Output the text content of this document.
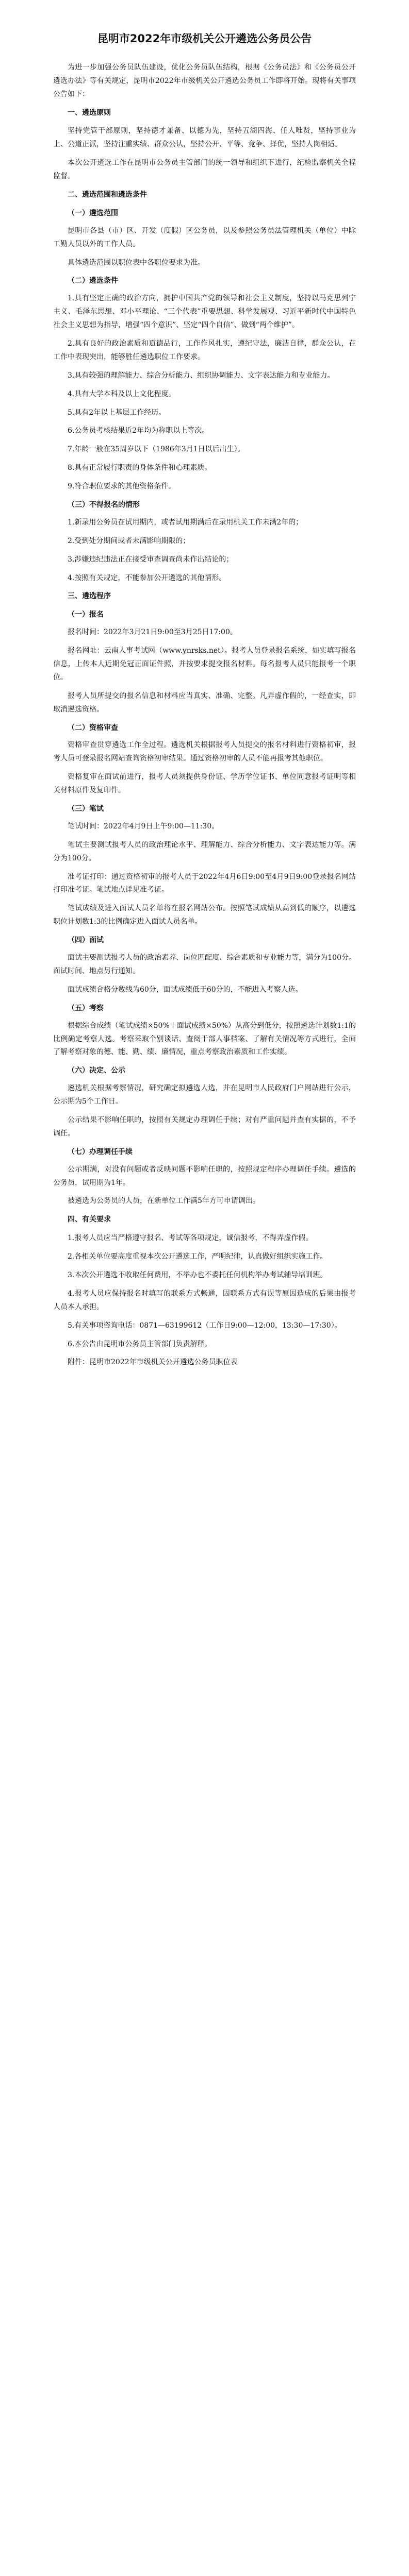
昆明市2022年市级机关公开遴选公务员公告
为进一步加强公务员队伍建设，优化公务员队伍结构，根据《公务员法》和《公务员公开遴选办法》等有关规定，昆明市2022年市级机关公开遴选公务员工作即将开始。现将有关事项公告如下：
一、遴选原则
坚持党管干部原则，坚持德才兼备、以德为先，坚持五湖四海、任人唯贤，坚持事业为上、公道正派，坚持注重实绩、群众公认，坚持公开、平等、竞争、择优，坚持人岗相适。
本次公开遴选工作在昆明市公务员主管部门的统一领导和组织下进行，纪检监察机关全程监督。
二、遴选范围和遴选条件
（一）遴选范围
昆明市各县（市）区、开发（度假）区公务员，以及参照公务员法管理机关（单位）中除工勤人员以外的工作人员。
具体遴选范围以职位表中各职位要求为准。
（二）遴选条件
1.具有坚定正确的政治方向，拥护中国共产党的领导和社会主义制度，坚持以马克思列宁主义、毛泽东思想、邓小平理论、“三个代表”重要思想、科学发展观、习近平新时代中国特色社会主义思想为指导，增强“四个意识”、坚定“四个自信”、做到“两个维护”。
2.具有良好的政治素质和道德品行，工作作风扎实，遵纪守法，廉洁自律，群众公认，在工作中表现突出，能够胜任遴选职位工作要求。
3.具有较强的理解能力、综合分析能力、组织协调能力、文字表达能力和专业能力。
4.具有大学本科及以上文化程度。
5.具有2年以上基层工作经历。
6.公务员考核结果近2年均为称职以上等次。
7.年龄一般在35周岁以下（1986年3月1日以后出生）。
8.具有正常履行职责的身体条件和心理素质。
9.符合职位要求的其他资格条件。
（三）不得报名的情形
1.新录用公务员在试用期内，或者试用期满后在录用机关工作未满2年的；
2.受到处分期间或者未满影响期限的；
3.涉嫌违纪违法正在接受审查调查尚未作出结论的；
4.按照有关规定，不能参加公开遴选的其他情形。
三、遴选程序
（一）报名
报名时间：2022年3月21日9:00至3月25日17:00。
报名网址：云南人事考试网（www.ynrsks.net）。报考人员登录报名系统，如实填写报名信息，上传本人近期免冠正面证件照，并按要求提交报名材料。每名报考人员只能报考一个职位。
报考人员所提交的报名信息和材料应当真实、准确、完整。凡弄虚作假的，一经查实，即取消遴选资格。
（二）资格审查
资格审查贯穿遴选工作全过程。遴选机关根据报考人员提交的报名材料进行资格初审，报考人员可登录报名网站查询资格初审结果。通过资格初审的人员不能再报考其他职位。
资格复审在面试前进行，报考人员须提供身份证、学历学位证书、单位同意报考证明等相关材料原件及复印件。
（三）笔试
笔试时间：2022年4月9日上午9:00—11:30。
笔试主要测试报考人员的政治理论水平、理解能力、综合分析能力、文字表达能力等。满分为100分。
准考证打印：通过资格初审的报考人员于2022年4月6日9:00至4月9日9:00登录报名网站打印准考证。笔试地点详见准考证。
笔试成绩及进入面试人员名单将在报名网站公布。按照笔试成绩从高到低的顺序，以遴选职位计划数1:3的比例确定进入面试人员名单。
（四）面试
面试主要测试报考人员的政治素养、岗位匹配度、综合素质和专业能力等，满分为100分。面试时间、地点另行通知。
面试成绩合格分数线为60分，面试成绩低于60分的，不能进入考察人选。
（五）考察
根据综合成绩（笔试成绩×50%＋面试成绩×50%）从高分到低分，按照遴选计划数1:1的比例确定考察人选。考察采取个别谈话、查阅干部人事档案、了解有关情况等方式进行，全面了解考察对象的德、能、勤、绩、廉情况，重点考察政治素质和工作实绩。
（六）决定、公示
遴选机关根据考察情况，研究确定拟遴选人选，并在昆明市人民政府门户网站进行公示，公示期为5个工作日。
公示结果不影响任职的，按照有关规定办理调任手续；对有严重问题并查有实据的，不予调任。
（七）办理调任手续
公示期满，对没有问题或者反映问题不影响任职的，按照规定程序办理调任手续。遴选的公务员，试用期为1年。
被遴选为公务员的人员，在新单位工作满5年方可申请调出。
四、有关要求
1.报考人员应当严格遵守报名、考试等各项规定，诚信报考，不得弄虚作假。
2.各相关单位要高度重视本次公开遴选工作，严明纪律，认真做好组织实施工作。
3.本次公开遴选不收取任何费用，不举办也不委托任何机构举办考试辅导培训班。
4.报考人员应保持报名时填写的联系方式畅通，因联系方式有误等原因造成的后果由报考人员本人承担。
5.有关事项咨询电话：0871—63199612（工作日9:00—12:00，13:30—17:30）。
6.本公告由昆明市公务员主管部门负责解释。
附件：昆明市2022年市级机关公开遴选公务员职位表
